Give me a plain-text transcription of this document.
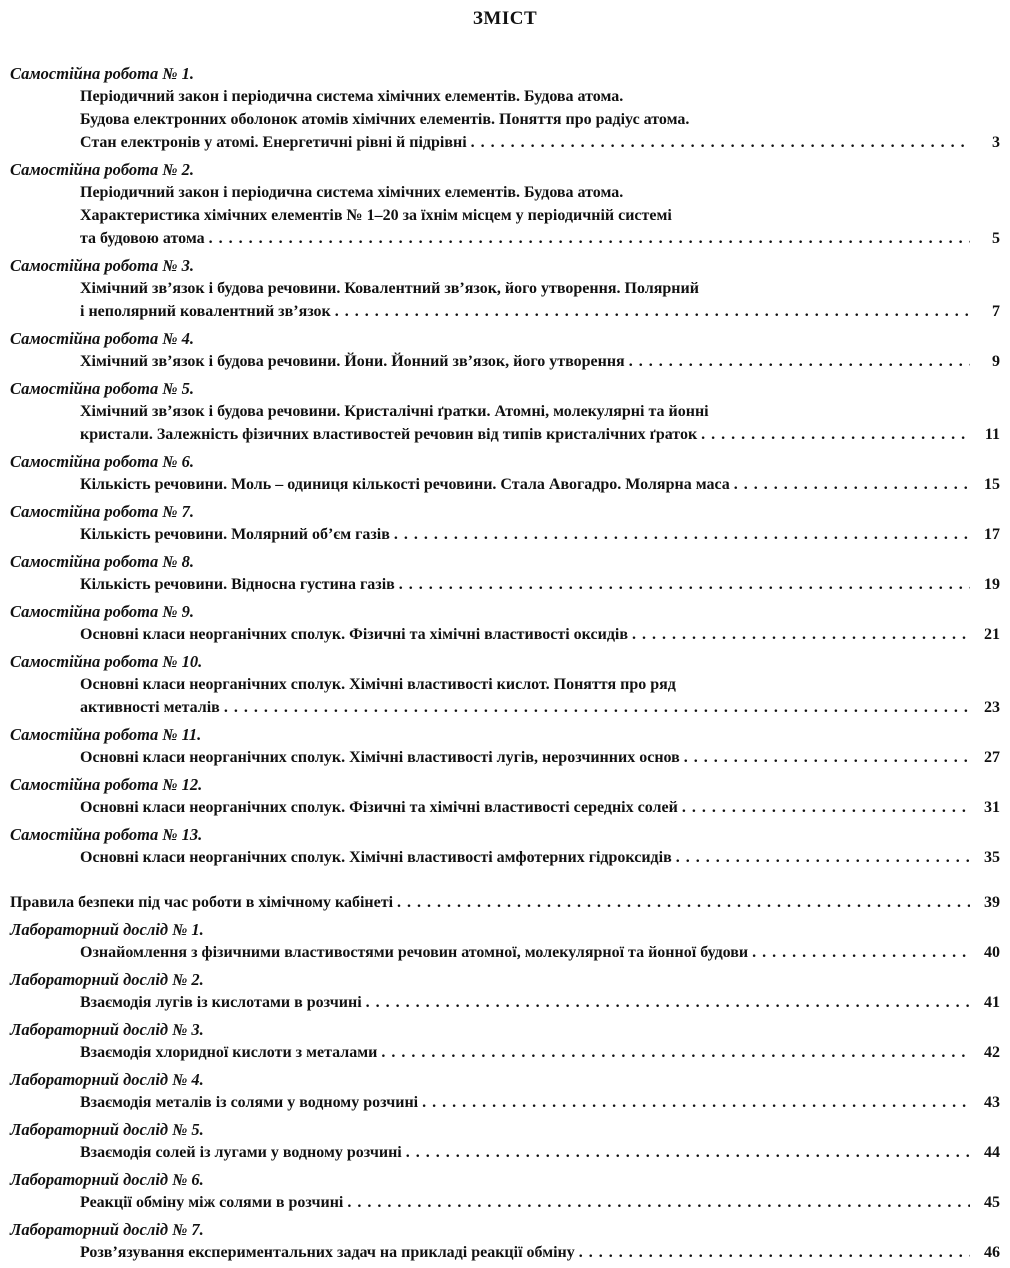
ЗМІСТ
Самостійна робота № 1.
Періодичний закон і періодична система хімічних елементів. Будова атома.
Будова електронних оболонок атомів хімічних елементів. Поняття про радіус атома.
Стан електронів у атомі. Енергетичні рівні й підрівні . . .	3
Самостійна робота № 2.
Періодичний закон і періодична система хімічних елементів. Будова атома.
Характеристика хімічних елементів № 1–20 за їхнім місцем у періодичній системі
та будовою атома . . .	5
Самостійна робота № 3.
Хімічний зв’язок і будова речовини. Ковалентний зв’язок, його утворення. Полярний
і неполярний ковалентний зв’язок . . .	7
Самостійна робота № 4.
Хімічний зв’язок і будова речовини. Йони. Йонний зв’язок, його утворення . . .	9
Самостійна робота № 5.
Хімічний зв’язок і будова речовини. Кристалічні ґратки. Атомні, молекулярні та йонні
кристали. Залежність фізичних властивостей речовин від типів кристалічних ґраток . . .	11
Самостійна робота № 6.
Кількість речовини. Моль – одиниця кількості речовини. Стала Авогадро. Молярна маса . . .	15
Самостійна робота № 7.
Кількість речовини. Молярний об’єм газів . . .	17
Самостійна робота № 8.
Кількість речовини. Відносна густина газів . . .	19
Самостійна робота № 9.
Основні класи неорганічних сполук. Фізичні та хімічні властивості оксидів . . .	21
Самостійна робота № 10.
Основні класи неорганічних сполук. Хімічні властивості кислот. Поняття про ряд
активності металів . . .	23
Самостійна робота № 11.
Основні класи неорганічних сполук. Хімічні властивості лугів, нерозчинних основ . . .	27
Самостійна робота № 12.
Основні класи неорганічних сполук. Фізичні та хімічні властивості середніх солей . . .	31
Самостійна робота № 13.
Основні класи неорганічних сполук. Хімічні властивості амфотерних гідроксидів . . .	35
Правила безпеки під час роботи в хімічному кабінеті . . .	39
Лабораторний дослід № 1.
Ознайомлення з фізичними властивостями речовин атомної, молекулярної та йонної будови . . .	40
Лабораторний дослід № 2.
Взаємодія лугів із кислотами в розчині . . .	41
Лабораторний дослід № 3.
Взаємодія хлоридної кислоти з металами . . .	42
Лабораторний дослід № 4.
Взаємодія металів із солями у водному розчині . . .	43
Лабораторний дослід № 5.
Взаємодія солей із лугами у водному розчині . . .	44
Лабораторний дослід № 6.
Реакції обміну між солями в розчині . . .	45
Лабораторний дослід № 7.
Розв’язування експериментальних задач на прикладі реакції обміну . . .	46
